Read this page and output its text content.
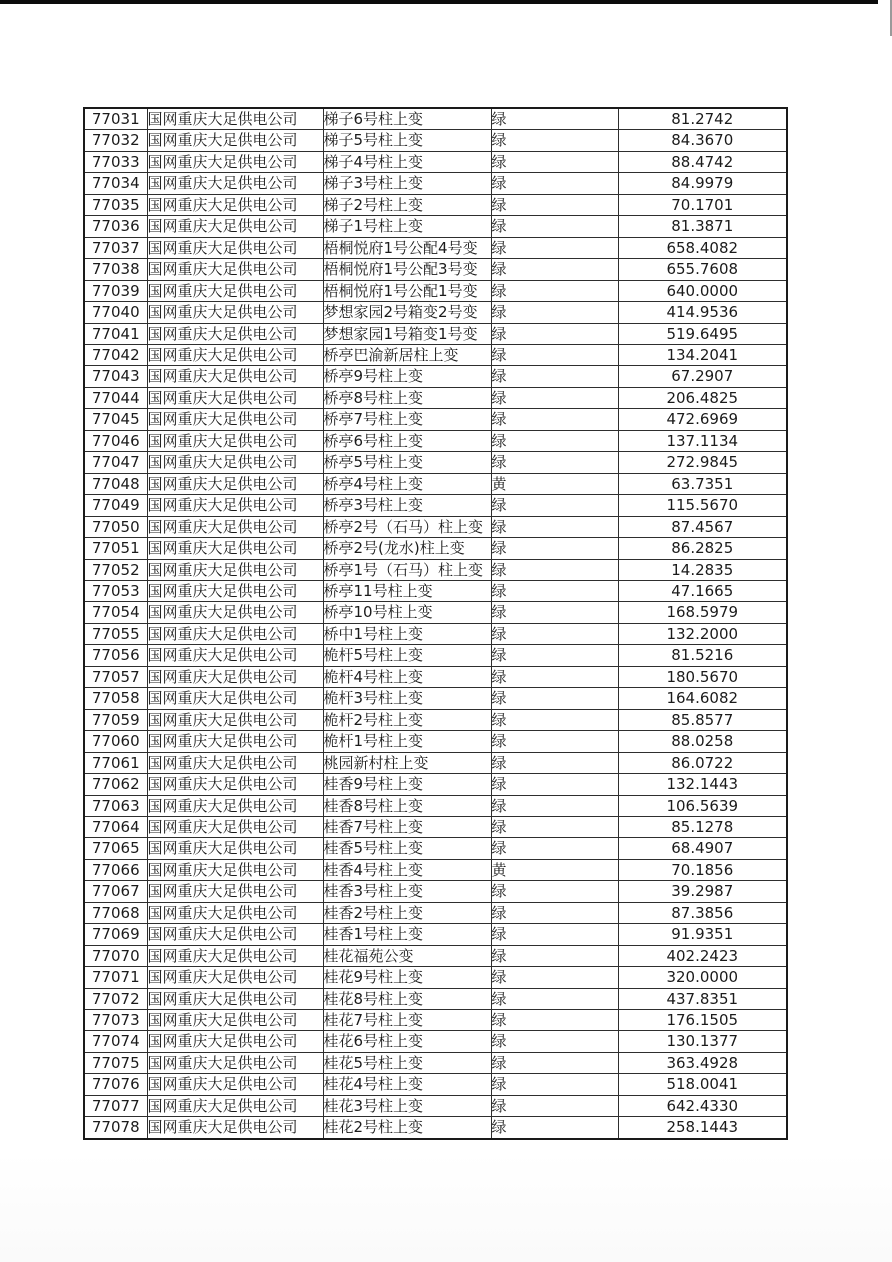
77031	国网重庆大足供电公司	梯子6号柱上变	绿	81.2742
77032	国网重庆大足供电公司	梯子5号柱上变	绿	84.3670
77033	国网重庆大足供电公司	梯子4号柱上变	绿	88.4742
77034	国网重庆大足供电公司	梯子3号柱上变	绿	84.9979
77035	国网重庆大足供电公司	梯子2号柱上变	绿	70.1701
77036	国网重庆大足供电公司	梯子1号柱上变	绿	81.3871
77037	国网重庆大足供电公司	梧桐悦府1号公配4号变	绿	658.4082
77038	国网重庆大足供电公司	梧桐悦府1号公配3号变	绿	655.7608
77039	国网重庆大足供电公司	梧桐悦府1号公配1号变	绿	640.0000
77040	国网重庆大足供电公司	梦想家园2号箱变2号变	绿	414.9536
77041	国网重庆大足供电公司	梦想家园1号箱变1号变	绿	519.6495
77042	国网重庆大足供电公司	桥亭巴渝新居柱上变	绿	134.2041
77043	国网重庆大足供电公司	桥亭9号柱上变	绿	67.2907
77044	国网重庆大足供电公司	桥亭8号柱上变	绿	206.4825
77045	国网重庆大足供电公司	桥亭7号柱上变	绿	472.6969
77046	国网重庆大足供电公司	桥亭6号柱上变	绿	137.1134
77047	国网重庆大足供电公司	桥亭5号柱上变	绿	272.9845
77048	国网重庆大足供电公司	桥亭4号柱上变	黄	63.7351
77049	国网重庆大足供电公司	桥亭3号柱上变	绿	115.5670
77050	国网重庆大足供电公司	桥亭2号（石马）柱上变	绿	87.4567
77051	国网重庆大足供电公司	桥亭2号(龙水)柱上变	绿	86.2825
77052	国网重庆大足供电公司	桥亭1号（石马）柱上变	绿	14.2835
77053	国网重庆大足供电公司	桥亭11号柱上变	绿	47.1665
77054	国网重庆大足供电公司	桥亭10号柱上变	绿	168.5979
77055	国网重庆大足供电公司	桥中1号柱上变	绿	132.2000
77056	国网重庆大足供电公司	桅杆5号柱上变	绿	81.5216
77057	国网重庆大足供电公司	桅杆4号柱上变	绿	180.5670
77058	国网重庆大足供电公司	桅杆3号柱上变	绿	164.6082
77059	国网重庆大足供电公司	桅杆2号柱上变	绿	85.8577
77060	国网重庆大足供电公司	桅杆1号柱上变	绿	88.0258
77061	国网重庆大足供电公司	桃园新村柱上变	绿	86.0722
77062	国网重庆大足供电公司	桂香9号柱上变	绿	132.1443
77063	国网重庆大足供电公司	桂香8号柱上变	绿	106.5639
77064	国网重庆大足供电公司	桂香7号柱上变	绿	85.1278
77065	国网重庆大足供电公司	桂香5号柱上变	绿	68.4907
77066	国网重庆大足供电公司	桂香4号柱上变	黄	70.1856
77067	国网重庆大足供电公司	桂香3号柱上变	绿	39.2987
77068	国网重庆大足供电公司	桂香2号柱上变	绿	87.3856
77069	国网重庆大足供电公司	桂香1号柱上变	绿	91.9351
77070	国网重庆大足供电公司	桂花福苑公变	绿	402.2423
77071	国网重庆大足供电公司	桂花9号柱上变	绿	320.0000
77072	国网重庆大足供电公司	桂花8号柱上变	绿	437.8351
77073	国网重庆大足供电公司	桂花7号柱上变	绿	176.1505
77074	国网重庆大足供电公司	桂花6号柱上变	绿	130.1377
77075	国网重庆大足供电公司	桂花5号柱上变	绿	363.4928
77076	国网重庆大足供电公司	桂花4号柱上变	绿	518.0041
77077	国网重庆大足供电公司	桂花3号柱上变	绿	642.4330
77078	国网重庆大足供电公司	桂花2号柱上变	绿	258.1443
